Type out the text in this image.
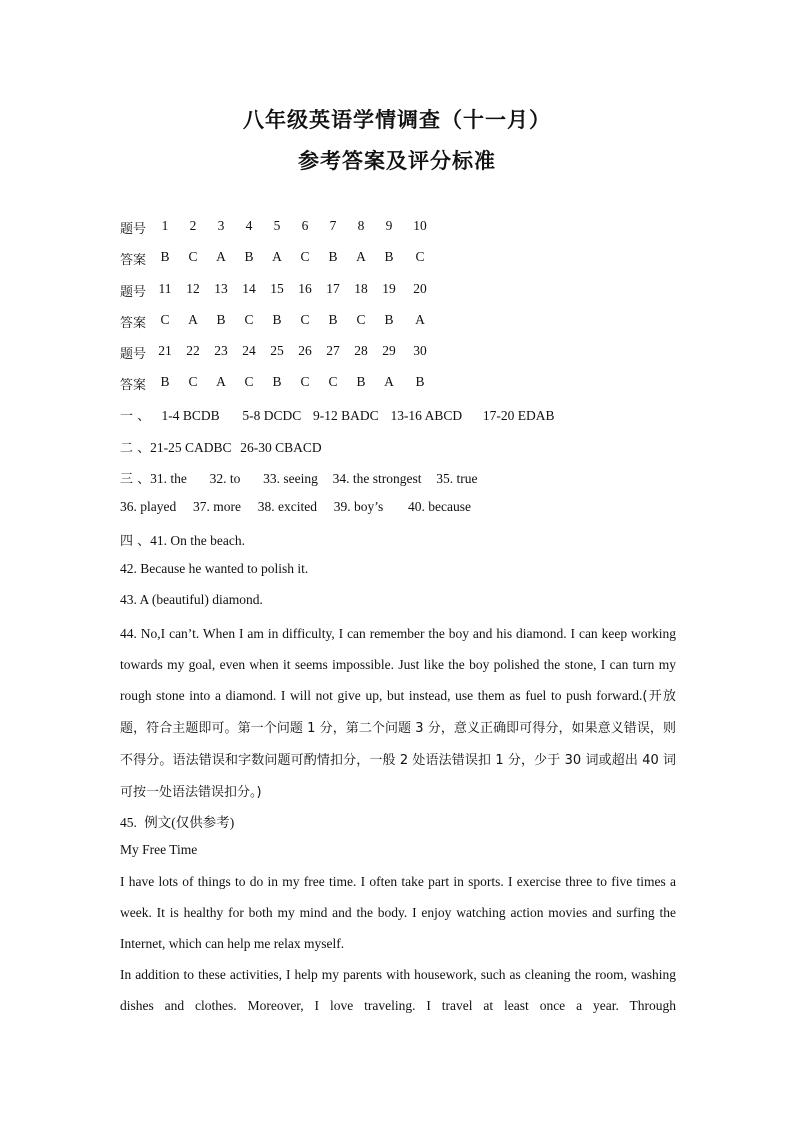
八年级英语学情调查（十一月）
参考答案及评分标准
题号	1	2	3	4	5	6	7	8	9	10
答案	B	C	A	B	A	C	B	A	B	C
题号 11	12	13	14	15	16	17	18	19	20
答案	C	A	B	C	B	C	B	C	B	A
题号 21	22	23	24	25	26	27	28	29	30
答案	B	C	A	C	B	C	C	B	A	B
一 、 1-4 BCDB 5-8 DCDC 9-12 BADC 13-16 ABCD 17-20 EDAB
二 、21-25 CADBC 26-30 CBACD
三 、31. the 32. to 33. seeing 34. the strongest 35. true
36. played 37. more 38. excited 39. boy’s 40. because
四 、41. On the beach.
42. Because he wanted to polish it.
43. A (beautiful) diamond.
44. No,I can’t. When I am in difficulty, I can remember the boy and his diamond. I can keep working towards my goal, even when it seems impossible. Just like the boy polished the stone, I can turn my rough stone into a diamond. I will not give up, but instead, use them as fuel to push forward.(开放题，符合主题即可。第一个问题 1 分，第二个问题 3 分，意义正确即可得分，如果意义错误，则不得分。语法错误和字数问题可酌情扣分，一般 2 处语法错误扣 1 分，少于 30 词或超出 40 词可按一处语法错误扣分。)
45. 例文(仅供参考)
My Free Time
I have lots of things to do in my free time. I often take part in sports. I exercise three to five times a week. It is healthy for both my mind and the body. I enjoy watching action movies and surfing the Internet, which can help me relax myself.
In addition to these activities, I help my parents with housework, such as cleaning the room, washing dishes and clothes. Moreover, I love traveling. I travel at least once a year. Through
